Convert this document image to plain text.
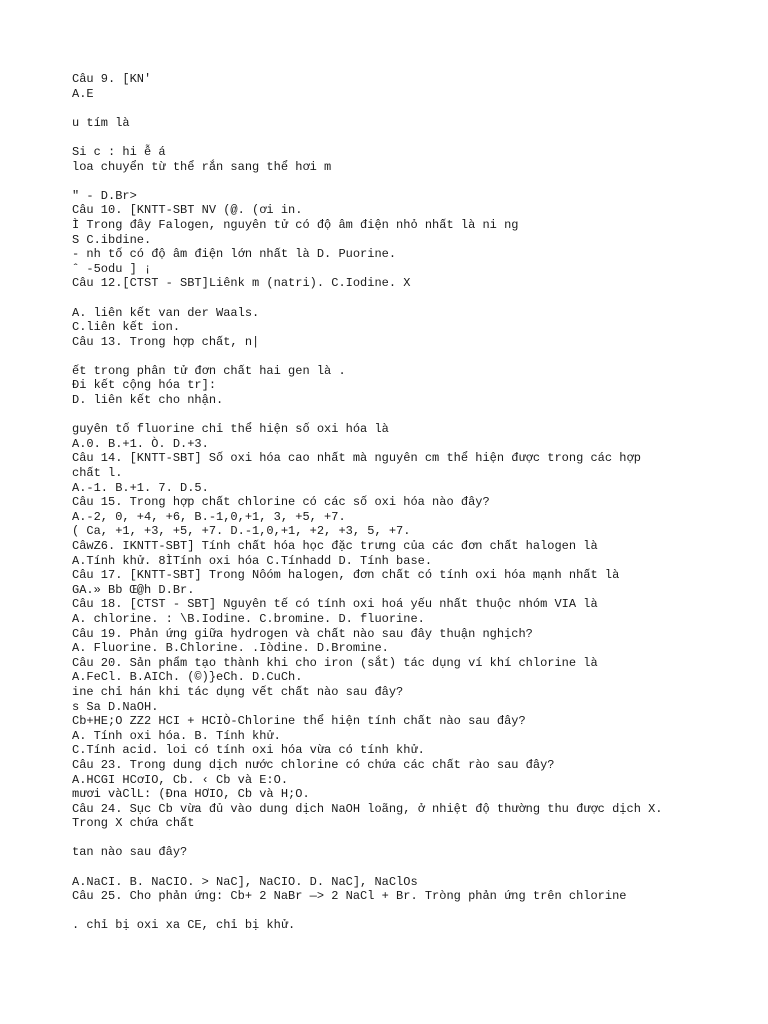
Câu 9. [KN'
A.E
u tím là
Si c : hi ễ á
loa chuyển từ thể rắn sang thể hơi m
" - D.Br>
Câu 10. [KNTT-SBT NV (@. (ơi in.
Ì Trong đây Falogen, nguyên tử có độ âm điện nhỏ nhất là ni ng
S C.ibdine.
- nh tố có độ âm điện lớn nhất là D. Puorine.
ˆ -5odu ] ¡
Câu 12.[CTST - SBT]Liênk m (natri). C.Iodine. X
A. liên kết van der Waals.
C.liên kết ion.
Câu 13. Trong hợp chất, n|
ết trong phân tử đơn chất hai gen là .
Đi kết cộng hóa tr]:
D. liên kết cho nhận.
guyên tố fluorine chỉ thể hiện số oxi hóa là
A.0. B.+1. Ò. D.+3.
Câu 14. [KNTT-SBT] Số oxi hóa cao nhất mà nguyên cm thể hiện được trong các hợp
chất l.
A.-1. B.+1. 7. D.5.
Câu 15. Trong hợp chất chlorine có các số oxi hóa nào đây?
A.-2, 0, +4, +6, B.-1,0,+1, 3, +5, +7.
( Ca, +1, +3, +5, +7. D.-1,0,+1, +2, +3, 5, +7.
CâwZ6. IKNTT-SBT] Tính chất hóa học đặc trưng của các đơn chất halogen là
A.Tính khử. 8ÌTính oxi hóa C.Tínhadd D. Tính base.
Câu 17. [KNTT-SBT] Trong Nôóm halogen, đơn chất có tính oxi hóa mạnh nhất là
GA.» Bb Œ@h D.Br.
Câu 18. [CTST - SBT] Nguyên tế có tính oxi hoá yếu nhất thuộc nhóm VIA là
A. chlorine. : \B.Iodine. C.bromine. D. fluorine.
Câu 19. Phản ứng giữa hydrogen và chất nào sau đây thuận nghịch?
A. Fluorine. B.Chlorine. .Iòdine. D.Bromine.
Câu 20. Sản phẩm tạo thành khi cho iron (sắt) tác dụng ví khí chlorine là
A.FeCl. B.AICh. (©)}eCh. D.CuCh.
ine chỉ hán khi tác dụng vết chất nào sau đây?
s Sa D.NaOH.
Cb+HE;O ZZ2 HCI + HCIÒ-Chlorine thể hiện tính chất nào sau đây?
A. Tính oxi hóa. B. Tính khử.
C.Tính acid. loi có tính oxi hóa vừa có tính khử.
Câu 23. Trong dung dịch nước chlorine có chứa các chất rào sau đây?
A.HCGI HCơIO, Cb. ‹ Cb và E:O.
mươi vàClL: (Đna HƠIO, Cb và H;O.
Câu 24. Sục Cb vừa đủ vào dung dịch NaOH loãng, ở nhiệt độ thường thu được dịch X.
Trong X chứa chất
tan nào sau đây?
A.NaCI. B. NaCIO. > NaC], NaCIO. D. NaC], NaClOs
Câu 25. Cho phản ứng: Cb+ 2 NaBr —> 2 NaCl + Br. Tròng phản ứng trên chlorine
. chỉ bị oxi xa CE, chỉ bị khử.
